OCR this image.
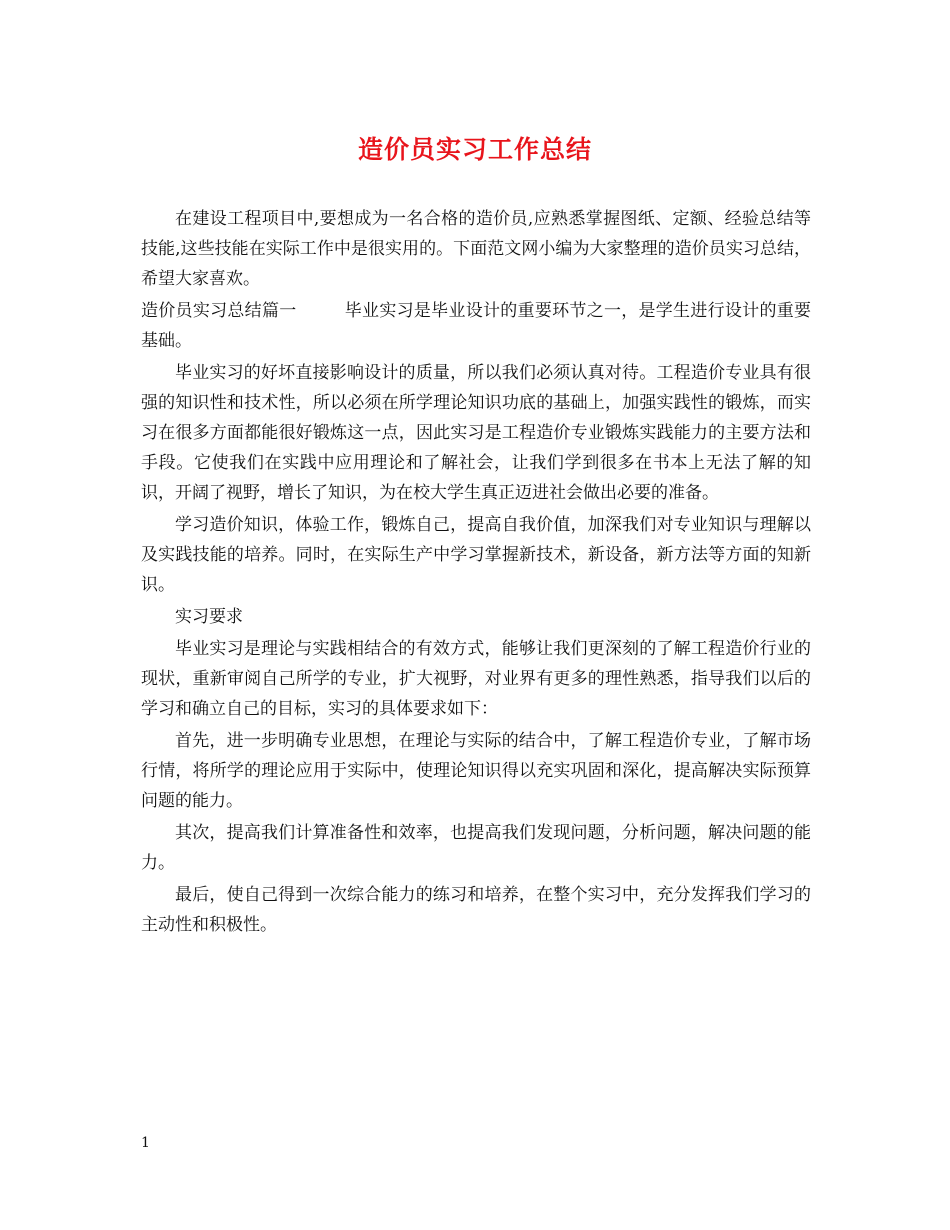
造价员实习工作总结

在建设工程项目中,要想成为一名合格的造价员,应熟悉掌握图纸、定额、经验总结等技能,这些技能在实际工作中是很实用的。下面范文网小编为大家整理的造价员实习总结，希望大家喜欢。

造价员实习总结篇一	毕业实习是毕业设计的重要环节之一，是学生进行设计的重要基础。

毕业实习的好坏直接影响设计的质量，所以我们必须认真对待。工程造价专业具有很强的知识性和技术性，所以必须在所学理论知识功底的基础上，加强实践性的锻炼，而实习在很多方面都能很好锻炼这一点，因此实习是工程造价专业锻炼实践能力的主要方法和手段。它使我们在实践中应用理论和了解社会，让我们学到很多在书本上无法了解的知识，开阔了视野，增长了知识，为在校大学生真正迈进社会做出必要的准备。

学习造价知识，体验工作，锻炼自己，提高自我价值，加深我们对专业知识与理解以及实践技能的培养。同时，在实际生产中学习掌握新技术，新设备，新方法等方面的知新识。

实习要求

毕业实习是理论与实践相结合的有效方式，能够让我们更深刻的了解工程造价行业的现状，重新审阅自己所学的专业，扩大视野，对业界有更多的理性熟悉，指导我们以后的学习和确立自己的目标，实习的具体要求如下：

首先，进一步明确专业思想，在理论与实际的结合中，了解工程造价专业，了解市场行情，将所学的理论应用于实际中，使理论知识得以充实巩固和深化，提高解决实际预算问题的能力。

其次，提高我们计算准备性和效率，也提高我们发现问题，分析问题，解决问题的能力。

最后，使自己得到一次综合能力的练习和培养，在整个实习中，充分发挥我们学习的主动性和积极性。

1
